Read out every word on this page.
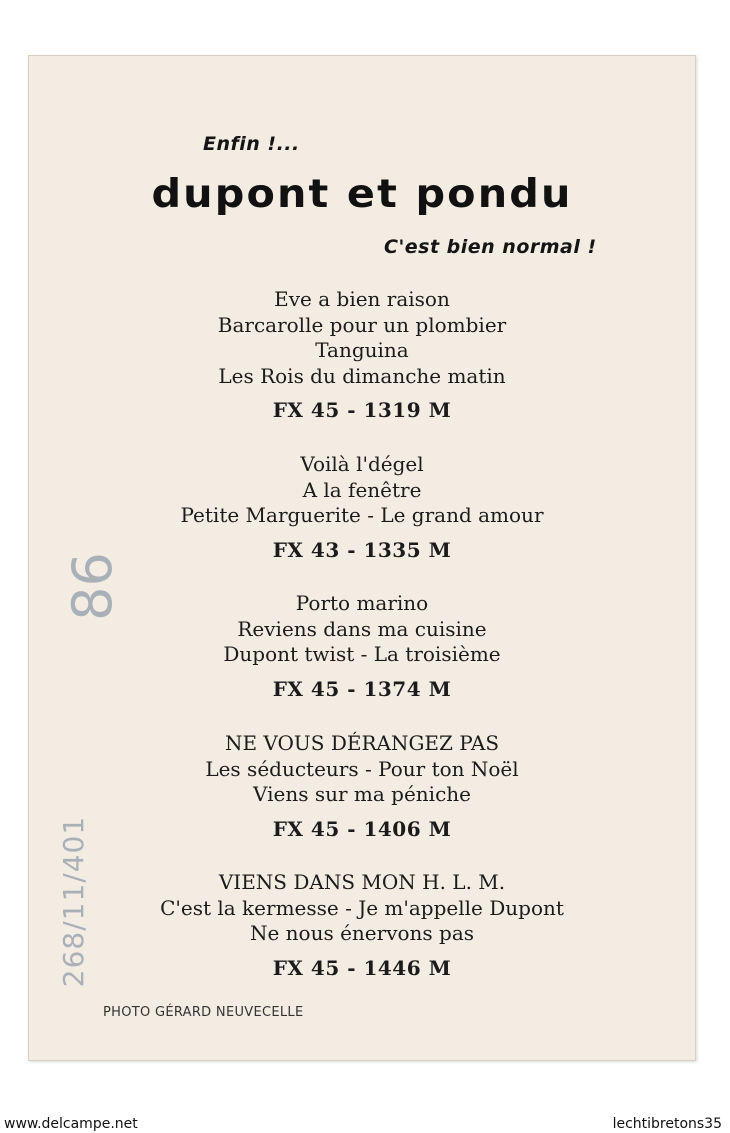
Enfin !...
dupont et pondu
C'est bien normal !
Eve a bien raison
Barcarolle pour un plombier
Tanguina
Les Rois du dimanche matin
FX 45 - 1319 M
Voilà l'dégel
A la fenêtre
Petite Marguerite - Le grand amour
FX 43 - 1335 M
Porto marino
Reviens dans ma cuisine
Dupont twist - La troisième
FX 45 - 1374 M
NE VOUS DÉRANGEZ PAS
Les séducteurs - Pour ton Noël
Viens sur ma péniche
FX 45 - 1406 M
VIENS DANS MON H. L. M.
C'est la kermesse - Je m'appelle Dupont
Ne nous énervons pas
FX 45 - 1446 M
PHOTO GÉRARD NEUVECELLE
86
268/11/401
www.delcampe.net	lechtibretons35
